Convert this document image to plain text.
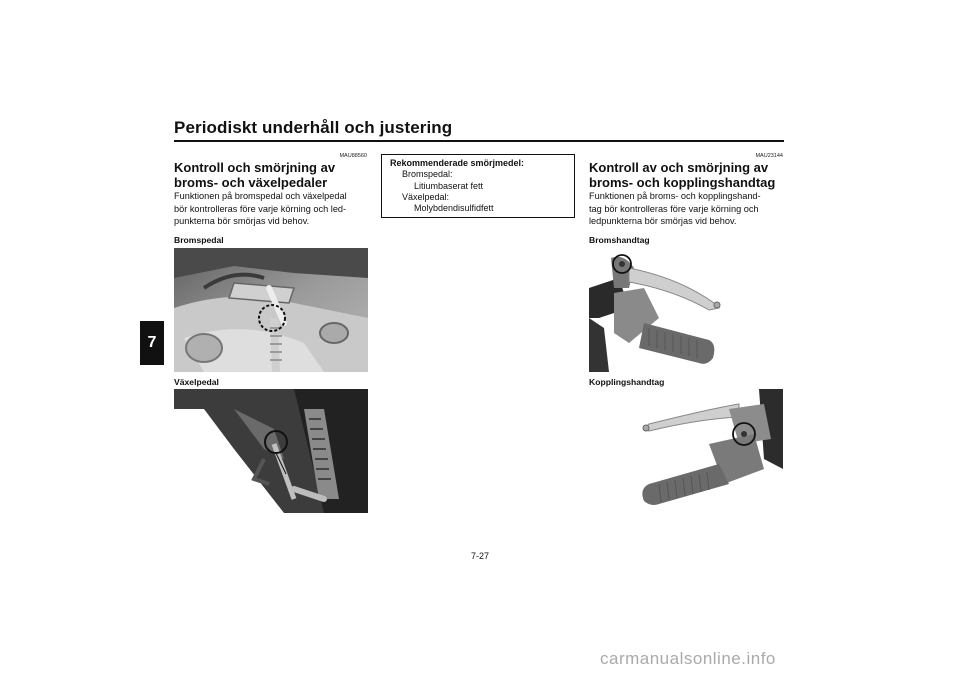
Periodiskt underhåll och justering
7
MAU88560
Kontroll och smörjning av
broms- och växelpedaler
Funktionen på bromspedal och växelpedal
bör kontrolleras före varje körning och led-
punkterna bör smörjas vid behov.
Bromspedal
Växelpedal
Rekommenderade smörjmedel:
Bromspedal:
Litiumbaserat fett
Växelpedal:
Molybdendisulfidfett
MAU23144
Kontroll av och smörjning av
broms- och kopplingshandtag
Funktionen på broms- och kopplingshand-
tag bör kontrolleras före varje körning och
ledpunkterna bör smörjas vid behov.
Bromshandtag
Kopplingshandtag
7-27
carmanualsonline.info
